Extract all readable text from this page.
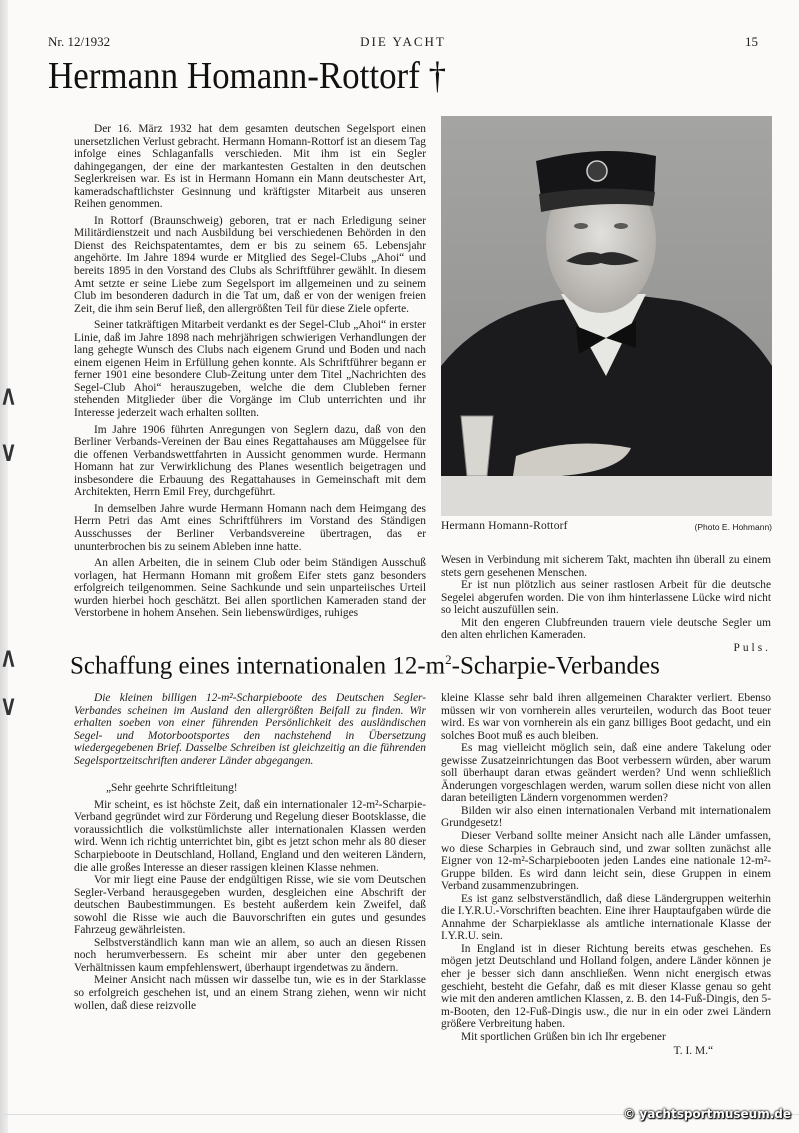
Λ
V
Λ
V
Nr. 12/1932	DIE YACHT	15
Hermann Homann-Rottorf †

Der 16. März 1932 hat dem gesamten deutschen Segelsport einen unersetzlichen Verlust gebracht. Hermann Homann-Rottorf ist an diesem Tag infolge eines Schlaganfalls verschieden. Mit ihm ist ein Segler dahingegangen, der eine der markantesten Gestalten in den deutschen Seglerkreisen war. Es ist in Hermann Homann ein Mann deutschester Art, kameradschaftlichster Gesinnung und kräftigster Mitarbeit aus unseren Reihen genommen.

In Rottorf (Braunschweig) geboren, trat er nach Erledigung seiner Militärdienstzeit und nach Ausbildung bei verschiedenen Behörden in den Dienst des Reichspatentamtes, dem er bis zu seinem 65. Lebensjahr angehörte. Im Jahre 1894 wurde er Mitglied des Segel-Clubs „Ahoi“ und bereits 1895 in den Vorstand des Clubs als Schriftführer gewählt. In diesem Amt setzte er seine Liebe zum Segelsport im allgemeinen und zu seinem Club im besonderen dadurch in die Tat um, daß er von der wenigen freien Zeit, die ihm sein Beruf ließ, den allergrößten Teil für diese Ziele opferte.

Seiner tatkräftigen Mitarbeit verdankt es der Segel-Club „Ahoi“ in erster Linie, daß im Jahre 1898 nach mehrjährigen schwierigen Verhandlungen der lang gehegte Wunsch des Clubs nach eigenem Grund und Boden und nach einem eigenen Heim in Erfüllung gehen konnte. Als Schriftführer begann er ferner 1901 eine besondere Club-Zeitung unter dem Titel „Nachrichten des Segel-Club Ahoi“ herauszugeben, welche die dem Clubleben ferner stehenden Mitglieder über die Vorgänge im Club unterrichten und ihr Interesse jederzeit wach erhalten sollten.

Im Jahre 1906 führten Anregungen von Seglern dazu, daß von den Berliner Verbands-Vereinen der Bau eines Regattahauses am Müggelsee für die offenen Verbandswettfahrten in Aussicht genommen wurde. Hermann Homann hat zur Verwirklichung des Planes wesentlich beigetragen und insbesondere die Erbauung des Regattahauses in Gemeinschaft mit dem Architekten, Herrn Emil Frey, durchgeführt.

In demselben Jahre wurde Hermann Homann nach dem Heimgang des Herrn Petri das Amt eines Schriftführers im Vorstand des Ständigen Ausschusses der Berliner Verbandsvereine übertragen, das er ununterbrochen bis zu seinem Ableben inne hatte.

An allen Arbeiten, die in seinem Club oder beim Ständigen Ausschuß vorlagen, hat Hermann Homann mit großem Eifer stets ganz besonders erfolgreich teilgenommen. Seine Sachkunde und sein unparteiisches Urteil wurden hierbei hoch geschätzt. Bei allen sportlichen Kameraden stand der Verstorbene in hohem Ansehen. Sein liebenswürdiges, ruhiges

Hermann Homann-Rottorf	(Photo E. Hohmann)

Wesen in Verbindung mit sicherem Takt, machten ihn überall zu einem stets gern gesehenen Menschen.

Er ist nun plötzlich aus seiner rastlosen Arbeit für die deutsche Segelei abgerufen worden. Die von ihm hinterlassene Lücke wird nicht so leicht auszufüllen sein.

Mit den engeren Clubfreunden trauern viele deutsche Segler um den alten ehrlichen Kameraden.

Puls.

Schaffung eines internationalen $12-m^2-Scharpie$-Verbandes

Die kleinen billigen 12-m²-Scharpieboote des Deutschen Segler-Verbandes scheinen im Ausland den allergrößten Beifall zu finden. Wir erhalten soeben von einer führenden Persönlichkeit des ausländischen Segel- und Motorbootsportes den nachstehend in Übersetzung wiedergegebenen Brief. Dasselbe Schreiben ist gleichzeitig an die führenden Segelsportzeitschriften anderer Länder abgegangen.

„Sehr geehrte Schriftleitung!

Mir scheint, es ist höchste Zeit, daß ein internationaler 12-m²-Scharpie-Verband gegründet wird zur Förderung und Regelung dieser Bootsklasse, die voraussichtlich die volkstümlichste aller internationalen Klassen werden wird. Wenn ich richtig unterrichtet bin, gibt es jetzt schon mehr als 80 dieser Scharpieboote in Deutschland, Holland, England und den weiteren Ländern, die alle großes Interesse an dieser rassigen kleinen Klasse nehmen.

Vor mir liegt eine Pause der endgültigen Risse, wie sie vom Deutschen Segler-Verband herausgegeben wurden, desgleichen eine Abschrift der deutschen Baubestimmungen. Es besteht außerdem kein Zweifel, daß sowohl die Risse wie auch die Bauvorschriften ein gutes und gesundes Fahrzeug gewährleisten.

Selbstverständlich kann man wie an allem, so auch an diesen Rissen noch herumverbessern. Es scheint mir aber unter den gegebenen Verhältnissen kaum empfehlenswert, überhaupt irgendetwas zu ändern.

Meiner Ansicht nach müssen wir dasselbe tun, wie es in der Starklasse so erfolgreich geschehen ist, und an einem Strang ziehen, wenn wir nicht wollen, daß diese reizvolle

kleine Klasse sehr bald ihren allgemeinen Charakter verliert. Ebenso müssen wir von vornherein alles verurteilen, wodurch das Boot teuer wird. Es war von vornherein als ein ganz billiges Boot gedacht, und ein solches Boot muß es auch bleiben.

Es mag vielleicht möglich sein, daß eine andere Takelung oder gewisse Zusatzeinrichtungen das Boot verbessern würden, aber warum soll überhaupt daran etwas geändert werden? Und wenn schließlich Änderungen vorgeschlagen werden, warum sollen diese nicht von allen daran beteiligten Ländern vorgenommen werden?

Bilden wir also einen internationalen Verband mit internationalem Grundgesetz!

Dieser Verband sollte meiner Ansicht nach alle Länder umfassen, wo diese Scharpies in Gebrauch sind, und zwar sollten zunächst alle Eigner von 12-m²-Scharpiebooten jeden Landes eine nationale 12-m²-Gruppe bilden. Es wird dann leicht sein, diese Gruppen in einem Verband zusammenzubringen.

Es ist ganz selbstverständlich, daß diese Ländergruppen weiterhin die I.Y.R.U.-Vorschriften beachten. Eine ihrer Hauptaufgaben würde die Annahme der Scharpieklasse als amtliche internationale Klasse der I.Y.R.U. sein.

In England ist in dieser Richtung bereits etwas geschehen. Es mögen jetzt Deutschland und Holland folgen, andere Länder können je eher je besser sich dann anschließen. Wenn nicht energisch etwas geschieht, besteht die Gefahr, daß es mit dieser Klasse genau so geht wie mit den anderen amtlichen Klassen, z. B. den 14-Fuß-Dingis, den 5-m-Booten, den 12-Fuß-Dingis usw., die nur in ein oder zwei Ländern größere Verbreitung haben.

Mit sportlichen Grüßen bin ich Ihr ergebener

T. I. M.“

© yachtsportmuseum.de
